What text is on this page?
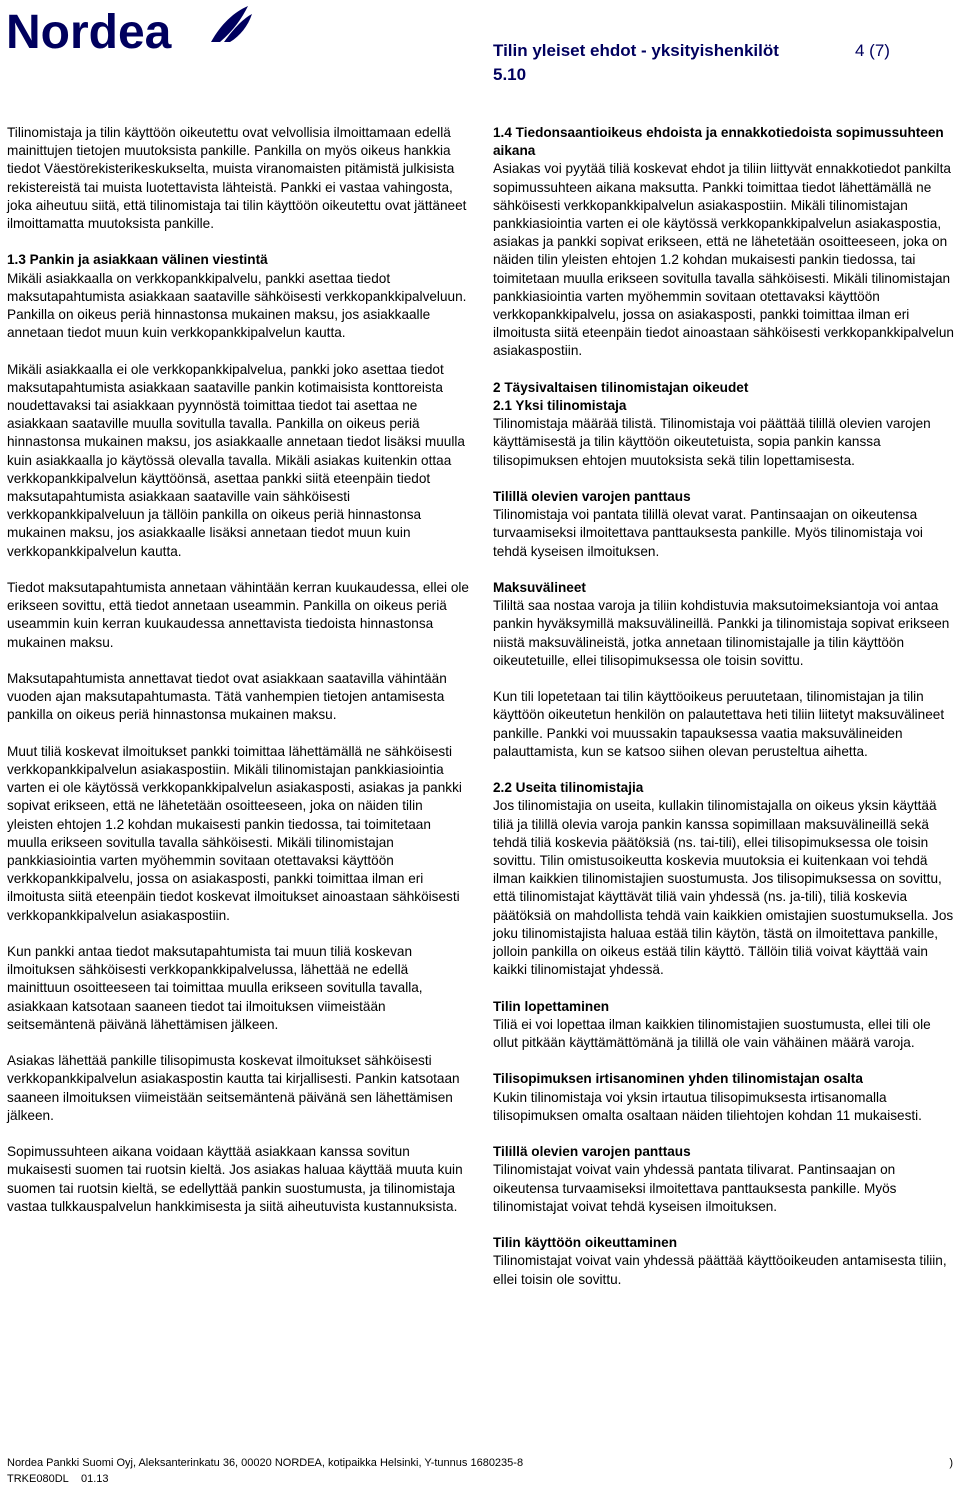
Nordea	Tilin yleiset ehdot - yksityishenkilöt
5.10
4 (7)

Tilinomistaja ja tilin käyttöön oikeutettu ovat velvollisia ilmoittamaan edellä mainittujen tietojen muutoksista pankille. Pankilla on myös oikeus hankkia tiedot Väestörekisterikeskukselta, muista viranomaisten pitämistä julkisista rekistereistä tai muista luotettavista lähteistä. Pankki ei vastaa vahingosta, joka aiheutuu siitä, että tilinomistaja tai tilin käyttöön oikeutettu ovat jättäneet ilmoittamatta muutoksista pankille.

1.3 Pankin ja asiakkaan välinen viestintä

Mikäli asiakkaalla on verkkopankkipalvelu, pankki asettaa tiedot maksutapahtumista asiakkaan saataville sähköisesti verkkopankkipalveluun. Pankilla on oikeus periä hinnastonsa mukainen maksu, jos asiakkaalle annetaan tiedot muun kuin verkkopankkipalvelun kautta.

Mikäli asiakkaalla ei ole verkkopankkipalvelua, pankki joko asettaa tiedot maksutapahtumista asiakkaan saataville pankin kotimaisista konttoreista noudettavaksi tai asiakkaan pyynnöstä toimittaa tiedot tai asettaa ne asiakkaan saataville muulla sovitulla tavalla. Pankilla on oikeus periä hinnastonsa mukainen maksu, jos asiakkaalle annetaan tiedot lisäksi muulla kuin asiakkaalla jo käytössä olevalla tavalla. Mikäli asiakas kuitenkin ottaa verkkopankkipalvelun käyttöönsä, asettaa pankki siitä eteenpäin tiedot maksutapahtumista asiakkaan saataville vain sähköisesti verkkopankkipalveluun ja tällöin pankilla on oikeus periä hinnastonsa mukainen maksu, jos asiakkaalle lisäksi annetaan tiedot muun kuin verkkopankkipalvelun kautta.

Tiedot maksutapahtumista annetaan vähintään kerran kuukaudessa, ellei ole erikseen sovittu, että tiedot annetaan useammin. Pankilla on oikeus periä useammin kuin kerran kuukaudessa annettavista tiedoista hinnastonsa mukainen maksu.

Maksutapahtumista annettavat tiedot ovat asiakkaan saatavilla vähintään vuoden ajan maksutapahtumasta. Tätä vanhempien tietojen antamisesta pankilla on oikeus periä hinnastonsa mukainen maksu.

Muut tiliä koskevat ilmoitukset pankki toimittaa lähettämällä ne sähköisesti verkkopankkipalvelun asiakaspostiin. Mikäli tilinomistajan pankkiasiointia varten ei ole käytössä verkkopankkipalvelun asiakasposti, asiakas ja pankki sopivat erikseen, että ne lähetetään osoitteeseen, joka on näiden tilin yleisten ehtojen 1.2 kohdan mukaisesti pankin tiedossa, tai toimitetaan muulla erikseen sovitulla tavalla sähköisesti. Mikäli tilinomistajan pankkiasiointia varten myöhemmin sovitaan otettavaksi käyttöön verkkopankkipalvelu, jossa on asiakasposti, pankki toimittaa ilman eri ilmoitusta siitä eteenpäin tiedot koskevat ilmoitukset ainoastaan sähköisesti verkkopankkipalvelun asiakaspostiin.

Kun pankki antaa tiedot maksutapahtumista tai muun tiliä koskevan ilmoituksen sähköisesti verkkopankkipalvelussa, lähettää ne edellä mainittuun osoitteeseen tai toimittaa muulla erikseen sovitulla tavalla, asiakkaan katsotaan saaneen tiedot tai ilmoituksen viimeistään seitsemäntenä päivänä lähettämisen jälkeen.

Asiakas lähettää pankille tilisopimusta koskevat ilmoitukset sähköisesti verkkopankkipalvelun asiakaspostin kautta tai kirjallisesti. Pankin katsotaan saaneen ilmoituksen viimeistään seitsemäntenä päivänä sen lähettämisen jälkeen.

Sopimussuhteen aikana voidaan käyttää asiakkaan kanssa sovitun mukaisesti suomen tai ruotsin kieltä. Jos asiakas haluaa käyttää muuta kuin suomen tai ruotsin kieltä, se edellyttää pankin suostumusta, ja tilinomistaja vastaa tulkkauspalvelun hankkimisesta ja siitä aiheutuvista kustannuksista.

1.4 Tiedonsaantioikeus ehdoista ja ennakkotiedoista sopimussuhteen aikana

Asiakas voi pyytää tiliä koskevat ehdot ja tiliin liittyvät ennakkotiedot pankilta sopimussuhteen aikana maksutta. Pankki toimittaa tiedot lähettämällä ne sähköisesti verkkopankkipalvelun asiakaspostiin. Mikäli tilinomistajan pankkiasiointia varten ei ole käytössä verkkopankkipalvelun asiakaspostia, asiakas ja pankki sopivat erikseen, että ne lähetetään osoitteeseen, joka on näiden tilin yleisten ehtojen 1.2 kohdan mukaisesti pankin tiedossa, tai toimitetaan muulla erikseen sovitulla tavalla sähköisesti. Mikäli tilinomistajan pankkiasiointia varten myöhemmin sovitaan otettavaksi käyttöön verkkopankkipalvelu, jossa on asiakasposti, pankki toimittaa ilman eri ilmoitusta siitä eteenpäin tiedot ainoastaan sähköisesti verkkopankkipalvelun asiakaspostiin.

2 Täysivaltaisen tilinomistajan oikeudet

2.1 Yksi tilinomistaja

Tilinomistaja määrää tilistä. Tilinomistaja voi päättää tilillä olevien varojen käyttämisestä ja tilin käyttöön oikeutetuista, sopia pankin kanssa tilisopimuksen ehtojen muutoksista sekä tilin lopettamisesta.

Tilillä olevien varojen panttaus

Tilinomistaja voi pantata tilillä olevat varat. Pantinsaajan on oikeutensa turvaamiseksi ilmoitettava panttauksesta pankille. Myös tilinomistaja voi tehdä kyseisen ilmoituksen.

Maksuvälineet

Tililtä saa nostaa varoja ja tiliin kohdistuvia maksutoimeksiantoja voi antaa pankin hyväksymillä maksuvälineillä. Pankki ja tilinomistaja sopivat erikseen niistä maksuvälineistä, jotka annetaan tilinomistajalle ja tilin käyttöön oikeutetuille, ellei tilisopimuksessa ole toisin sovittu.

Kun tili lopetetaan tai tilin käyttöoikeus peruutetaan, tilinomistajan ja tilin käyttöön oikeutetun henkilön on palautettava heti tiliin liitetyt maksuvälineet pankille. Pankki voi muussakin tapauksessa vaatia maksuvälineiden palauttamista, kun se katsoo siihen olevan perusteltua aihetta.

2.2 Useita tilinomistajia

Jos tilinomistajia on useita, kullakin tilinomistajalla on oikeus yksin käyttää tiliä ja tilillä olevia varoja pankin kanssa sopimillaan maksuvälineillä sekä tehdä tiliä koskevia päätöksiä (ns. tai-tili), ellei tilisopimuksessa ole toisin sovittu. Tilin omistusoikeutta koskevia muutoksia ei kuitenkaan voi tehdä ilman kaikkien tilinomistajien suostumusta. Jos tilisopimuksessa on sovittu, että tilinomistajat käyttävät tiliä vain yhdessä (ns. ja-tili), tiliä koskevia päätöksiä on mahdollista tehdä vain kaikkien omistajien suostumuksella. Jos joku tilinomistajista haluaa estää tilin käytön, tästä on ilmoitettava pankille, jolloin pankilla on oikeus estää tilin käyttö. Tällöin tiliä voivat käyttää vain kaikki tilinomistajat yhdessä.

Tilin lopettaminen

Tiliä ei voi lopettaa ilman kaikkien tilinomistajien suostumusta, ellei tili ole ollut pitkään käyttämättömänä ja tilillä ole vain vähäinen määrä varoja.

Tilisopimuksen irtisanominen yhden tilinomistajan osalta

Kukin tilinomistaja voi yksin irtautua tilisopimuksesta irtisanomalla tilisopimuksen omalta osaltaan näiden tiliehtojen kohdan 11 mukaisesti.

Tilillä olevien varojen panttaus

Tilinomistajat voivat vain yhdessä pantata tilivarat. Pantinsaajan on oikeutensa turvaamiseksi ilmoitettava panttauksesta pankille. Myös tilinomistajat voivat tehdä kyseisen ilmoituksen.

Tilin käyttöön oikeuttaminen

Tilinomistajat voivat vain yhdessä päättää käyttöoikeuden antamisesta tiliin, ellei toisin ole sovittu.

Nordea Pankki Suomi Oyj, Aleksanterinkatu 36, 00020 NORDEA, kotipaikka Helsinki, Y-tunnus 1680235-8
TRKE080DL 01.13
)
